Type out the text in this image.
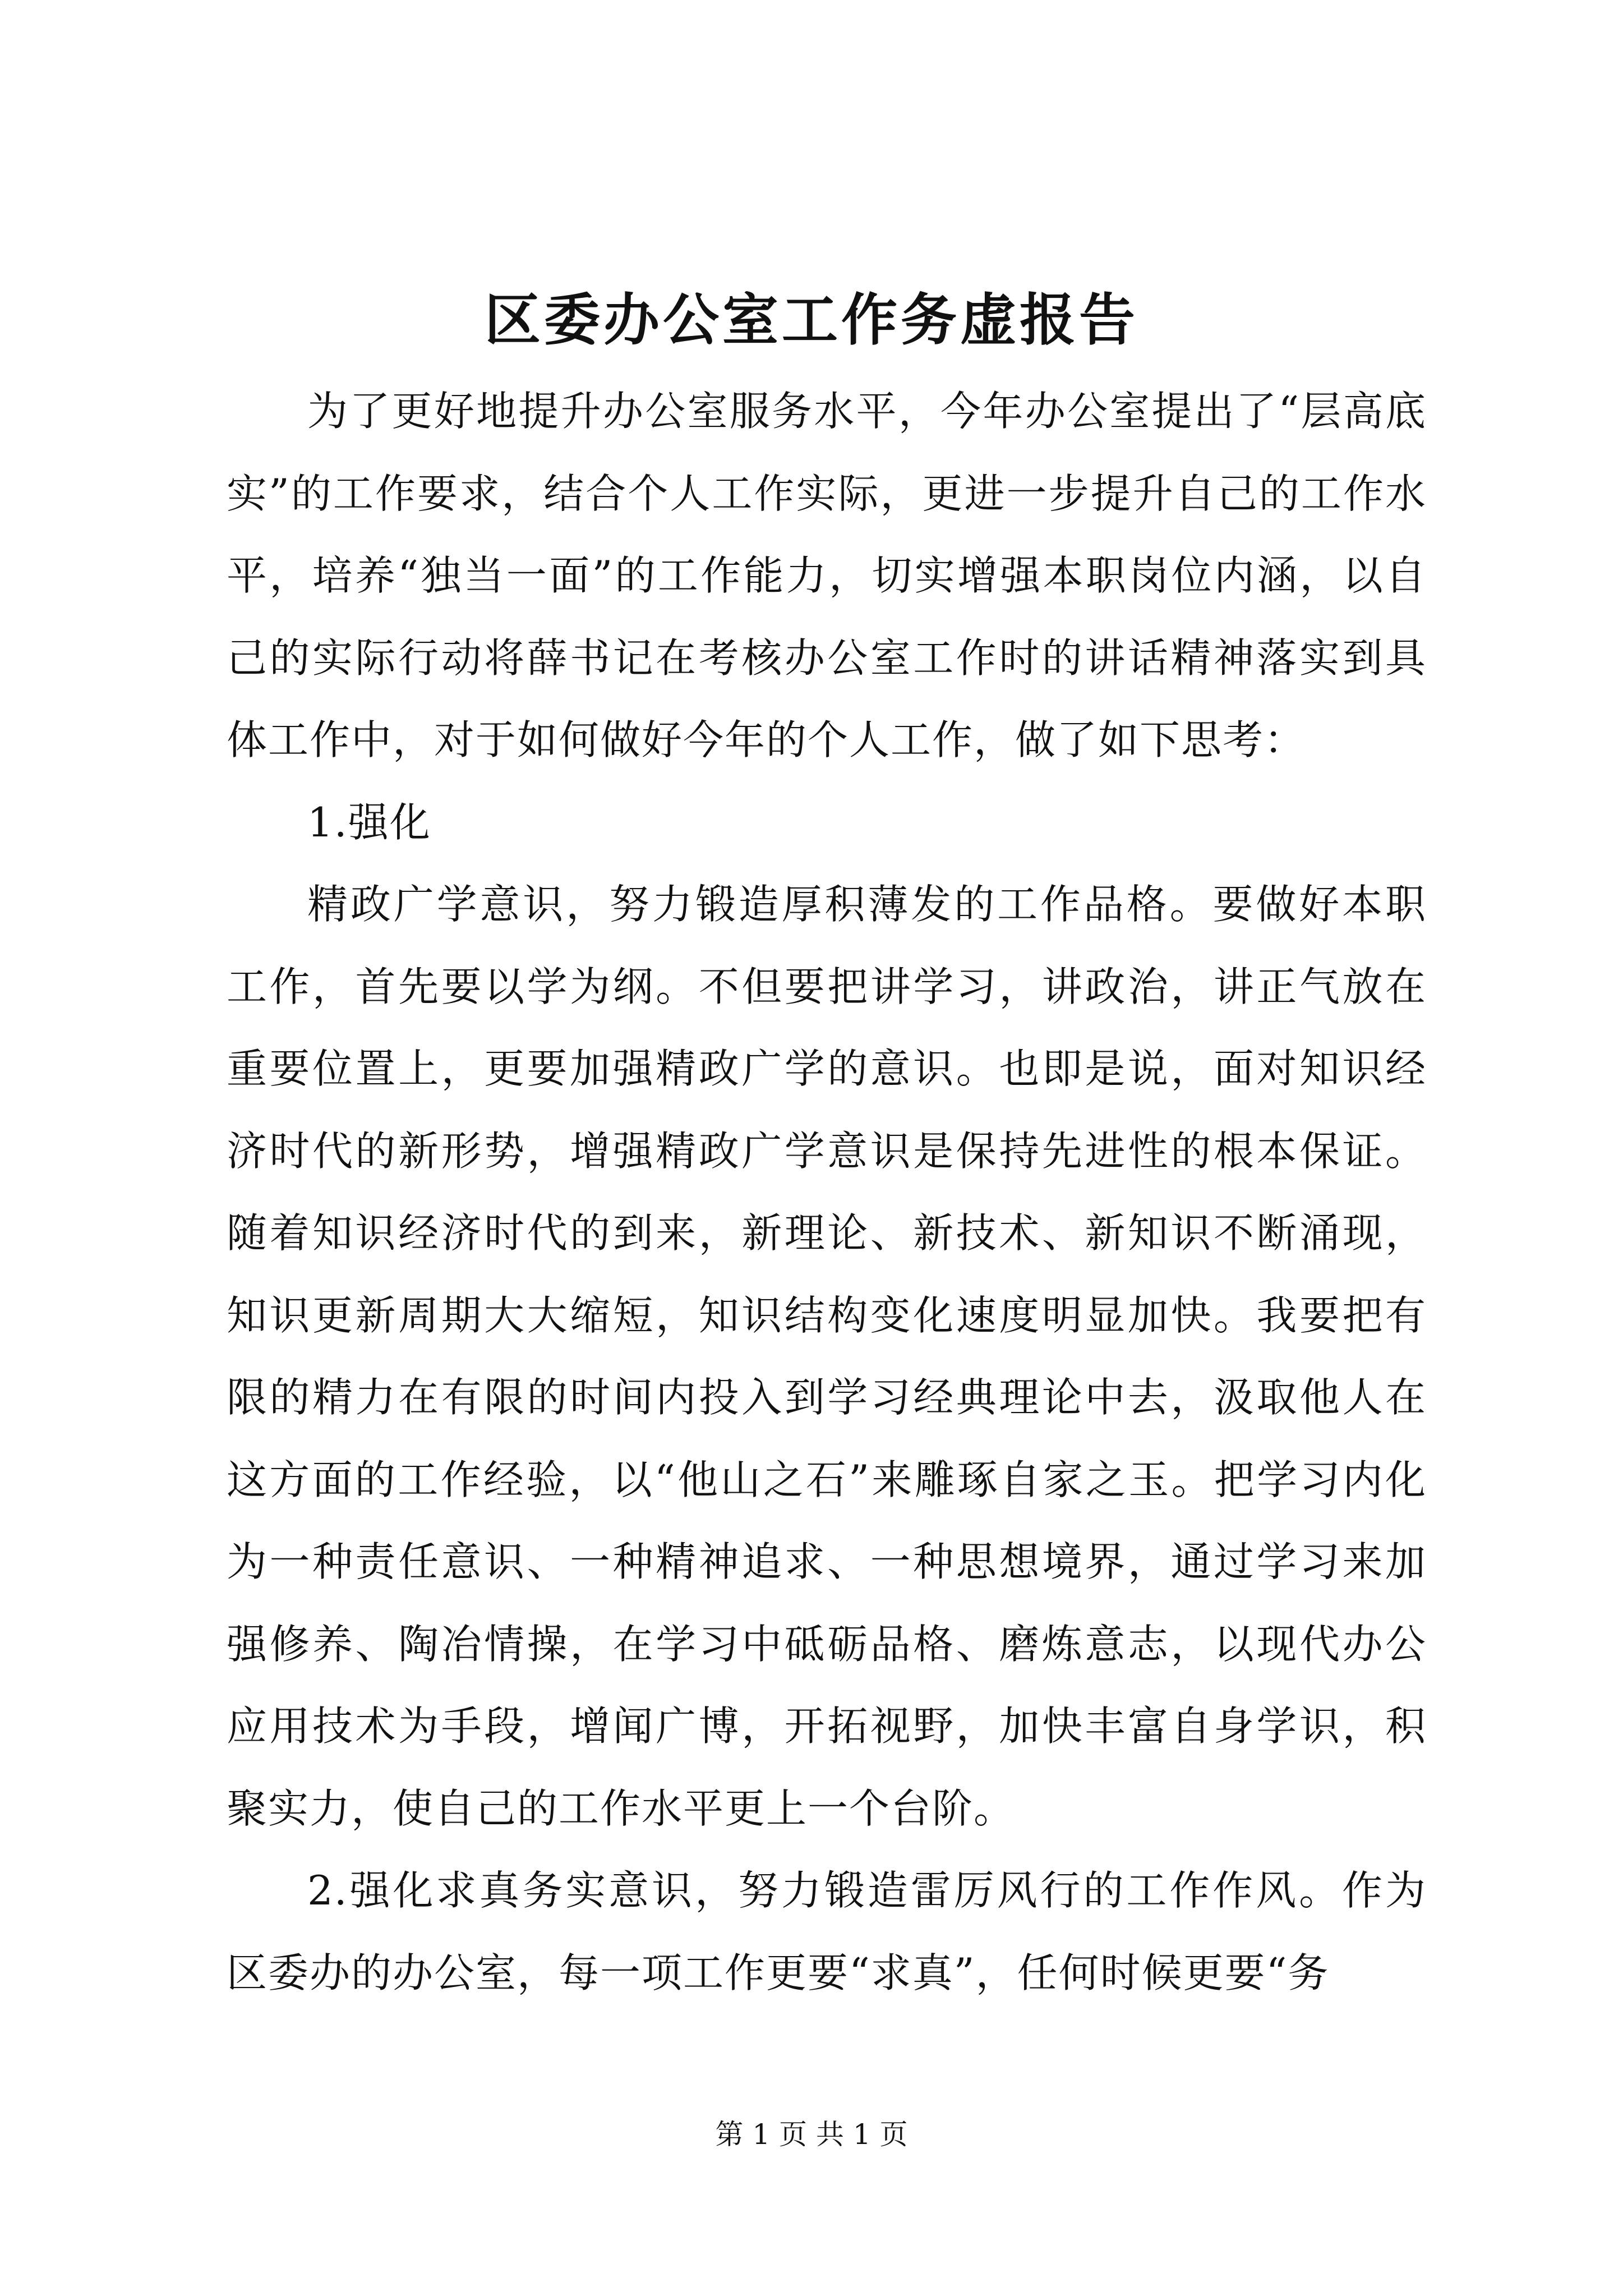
区委办公室工作务虚报告

为了更好地提升办公室服务水平，今年办公室提出了“层高底实”的工作要求，结合个人工作实际，更进一步提升自己的工作水平，培养“独当一面”的工作能力，切实增强本职岗位内涵，以自己的实际行动将薛书记在考核办公室工作时的讲话精神落实到具体工作中，对于如何做好今年的个人工作，做了如下思考：

1.强化

精政广学意识，努力锻造厚积薄发的工作品格。要做好本职工作，首先要以学为纲。不但要把讲学习，讲政治，讲正气放在重要位置上，更要加强精政广学的意识。也即是说，面对知识经济时代的新形势，增强精政广学意识是保持先进性的根本保证。随着知识经济时代的到来，新理论、新技术、新知识不断涌现，知识更新周期大大缩短，知识结构变化速度明显加快。我要把有限的精力在有限的时间内投入到学习经典理论中去，汲取他人在这方面的工作经验，以“他山之石”来雕琢自家之玉。把学习内化为一种责任意识、一种精神追求、一种思想境界，通过学习来加强修养、陶冶情操，在学习中砥砺品格、磨炼意志，以现代办公应用技术为手段，增闻广博，开拓视野，加快丰富自身学识，积聚实力，使自己的工作水平更上一个台阶。

2.强化求真务实意识，努力锻造雷厉风行的工作作风。作为区委办的办公室，每一项工作更要“求真”，任何时候更要“务

第 1 页 共 1 页
